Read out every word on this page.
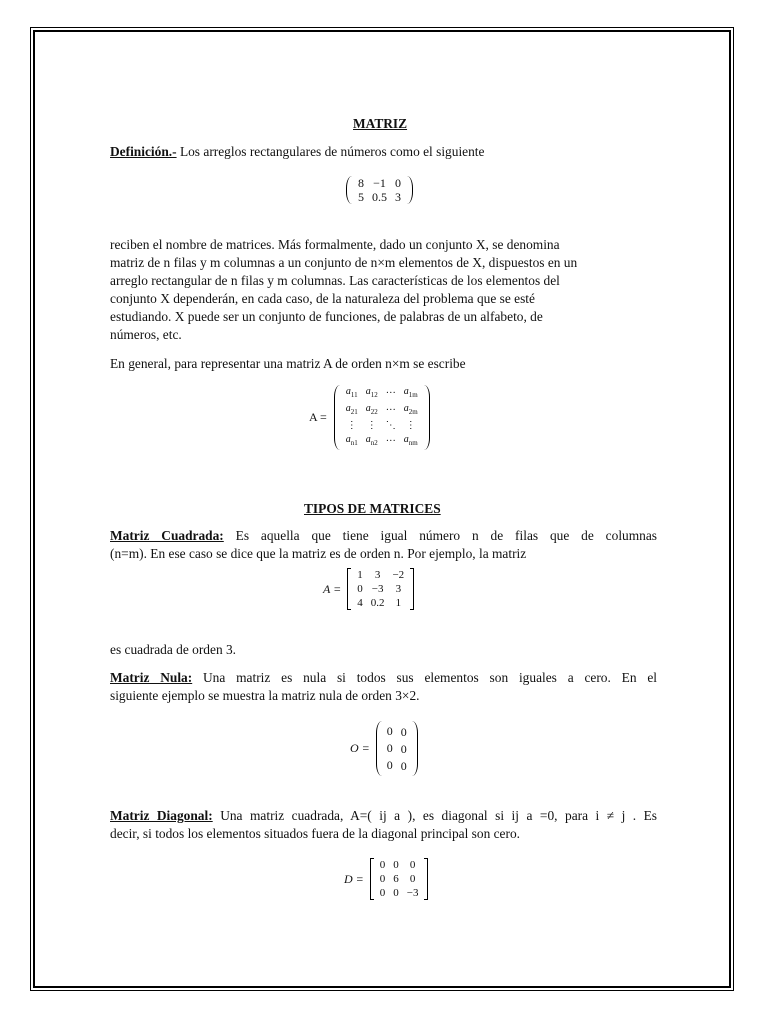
MATRIZ
Definición.- Los arreglos rectangulares de números como el siguiente
8	−1	0
5	0.5	3
reciben el nombre de matrices. Más formalmente, dado un conjunto X, se denomina
matriz de n filas y m columnas a un conjunto de n×m elementos de X, dispuestos en un
arreglo rectangular de n filas y m columnas. Las características de los elementos del
conjunto X dependerán, en cada caso, de la naturaleza del problema que se esté
estudiando. X puede ser un conjunto de funciones, de palabras de un alfabeto, de
números, etc.
En general, para representar una matriz A de orden n×m se escribe
A =
$a_{11}$	$a_{12}$	···	$a_{1m}$
$a_{21}$	$a_{22}$	···	$a_{2m}$
⋮	⋮	⋱	⋮
$a_{n1}$	$a_{n2}$	···	$a_{nm}$
TIPOS DE MATRICES
Matriz Cuadrada: Es aquella que tiene igual número n de filas que de columnas
(n=m). En ese caso se dice que la matriz es de orden n. Por ejemplo, la matriz
A =
1	3	−2
0	−3	3
4	0.2	1
es cuadrada de orden 3.
Matriz Nula: Una matriz es nula si todos sus elementos son iguales a cero. En el
siguiente ejemplo se muestra la matriz nula de orden 3×2.
O =
0	0
0	0
0	0
Matriz Diagonal: Una matriz cuadrada, A=( ij a ), es diagonal si ij a =0, para i ≠ j . Es
decir, si todos los elementos situados fuera de la diagonal principal son cero.
D =
0	0	0
0	6	0
0	0	−3
